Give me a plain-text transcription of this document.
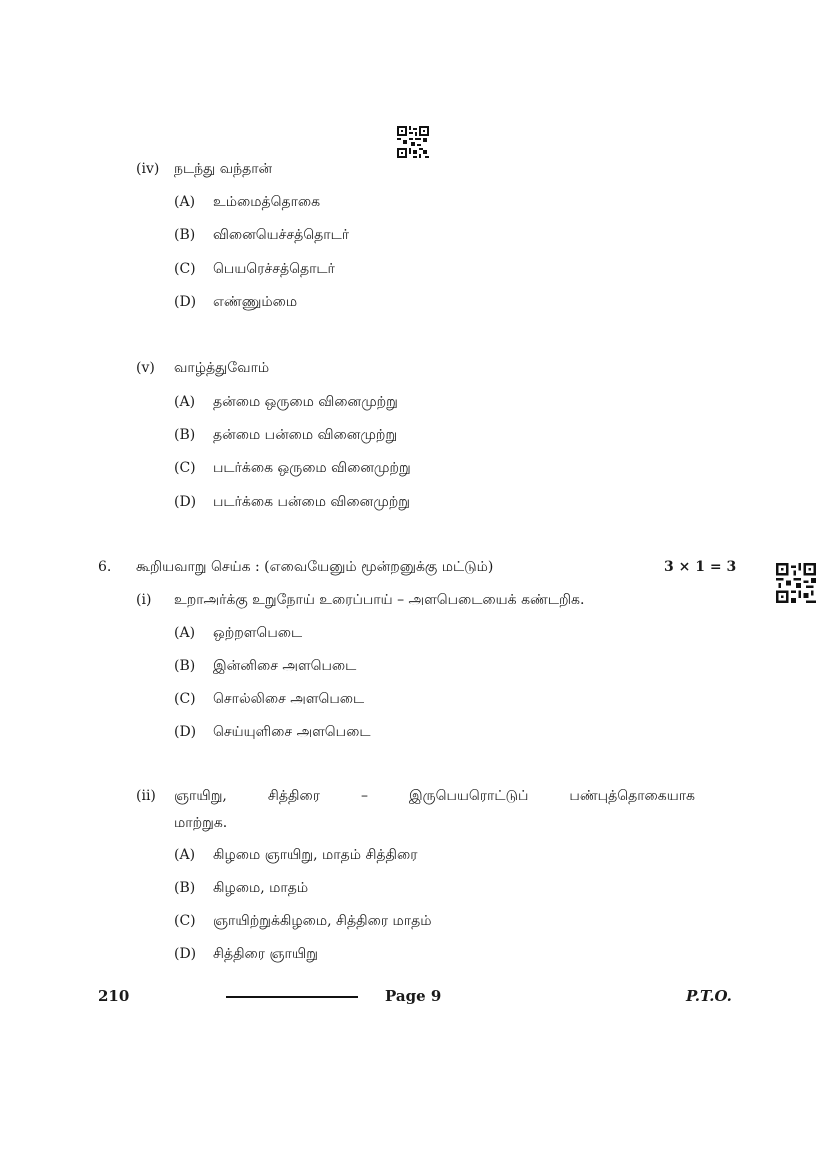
(iv) நடந்து வந்தான்
(A) உம்மைத்தொகை
(B) வினையெச்சத்தொடர்
(C) பெயரெச்சத்தொடர்
(D) எண்ணும்மை
(v) வாழ்த்துவோம்
(A) தன்மை ஒருமை வினைமுற்று
(B) தன்மை பன்மை வினைமுற்று
(C) படர்க்கை ஒருமை வினைமுற்று
(D) படர்க்கை பன்மை வினைமுற்று
6. கூறியவாறு செய்க : (எவையேனும் மூன்றனுக்கு மட்டும்)	3 × 1 = 3
(i) உறாஅர்க்கு உறுநோய் உரைப்பாய் – அளபெடையைக் கண்டறிக.
(A) ஒற்றளபெடை
(B) இன்னிசை அளபெடை
(C) சொல்லிசை அளபெடை
(D) செய்யுளிசை அளபெடை
(ii) ஞாயிறு,	சித்திரை	–	இருபெயரொட்டுப்	பண்புத்தொகையாக
மாற்றுக.
(A) கிழமை ஞாயிறு, மாதம் சித்திரை
(B) கிழமை, மாதம்
(C) ஞாயிற்றுக்கிழமை, சித்திரை மாதம்
(D) சித்திரை ஞாயிறு
210	Page 9	P.T.O.
